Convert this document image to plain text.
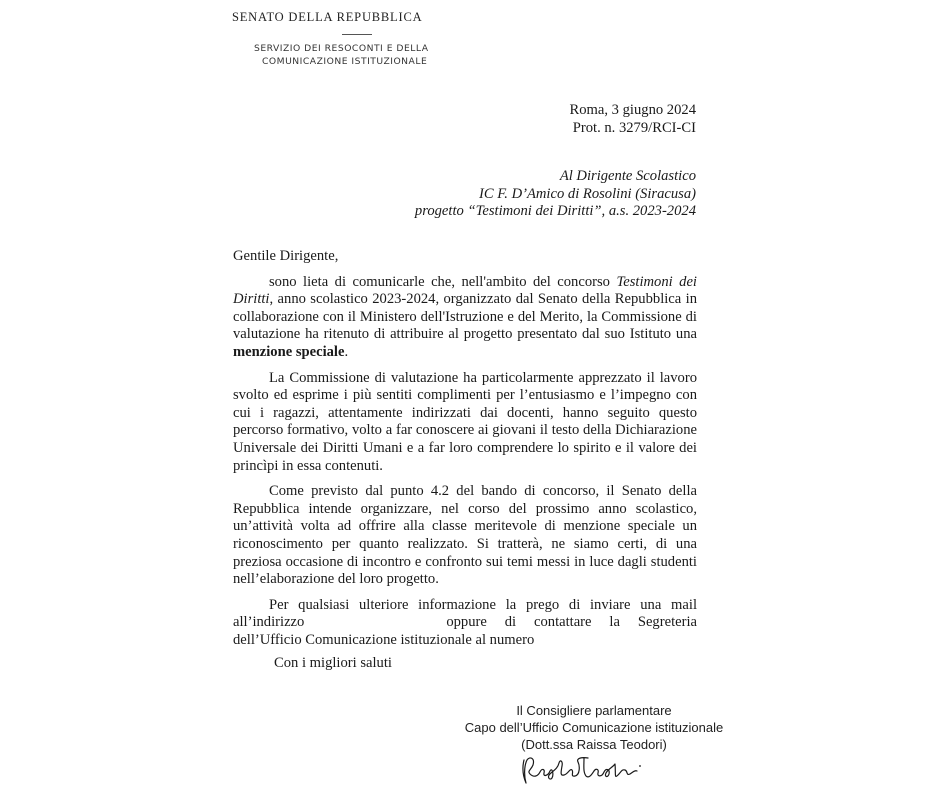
SENATO DELLA REPUBBLICA
SERVIZIO DEI RESOCONTI E DELLA
COMUNICAZIONE ISTITUZIONALE
Roma, 3 giugno 2024
Prot. n. 3279/RCI-CI
Al Dirigente Scolastico
IC F. D’Amico di Rosolini (Siracusa)
progetto “Testimoni dei Diritti”, a.s. 2023-2024

Gentile Dirigente,

sono lieta di comunicarle che, nell'ambito del concorso Testimoni dei Diritti, anno scolastico 2023-2024, organizzato dal Senato della Repubblica in collaborazione con il Ministero dell'Istruzione e del Merito, la Commissione di valutazione ha ritenuto di attribuire al progetto presentato dal suo Istituto una menzione speciale.

La Commissione di valutazione ha particolarmente apprezzato il lavoro svolto ed esprime i più sentiti complimenti per l’entusiasmo e l’impegno con cui i ragazzi, attentamente indirizzati dai docenti, hanno seguito questo percorso formativo, volto a far conoscere ai giovani il testo della Dichiarazione Universale dei Diritti Umani e a far loro comprendere lo spirito e il valore dei princìpi in essa contenuti.

Come previsto dal punto 4.2 del bando di concorso, il Senato della Repubblica intende organizzare, nel corso del prossimo anno scolastico, un’attività volta ad offrire alla classe meritevole di menzione speciale un riconoscimento per quanto realizzato. Si tratterà, ne siamo certi, di una preziosa occasione di incontro e confronto sui temi messi in luce dagli studenti nell’elaborazione del loro progetto.

Per qualsiasi ulteriore informazione la prego di inviare una mail all’indirizzo	oppure di contattare la Segreteria dell’Ufficio Comunicazione istituzionale al numero

Con i migliori saluti
Il Consigliere parlamentare
Capo dell’Ufficio Comunicazione istituzionale
(Dott.ssa Raissa Teodori)
